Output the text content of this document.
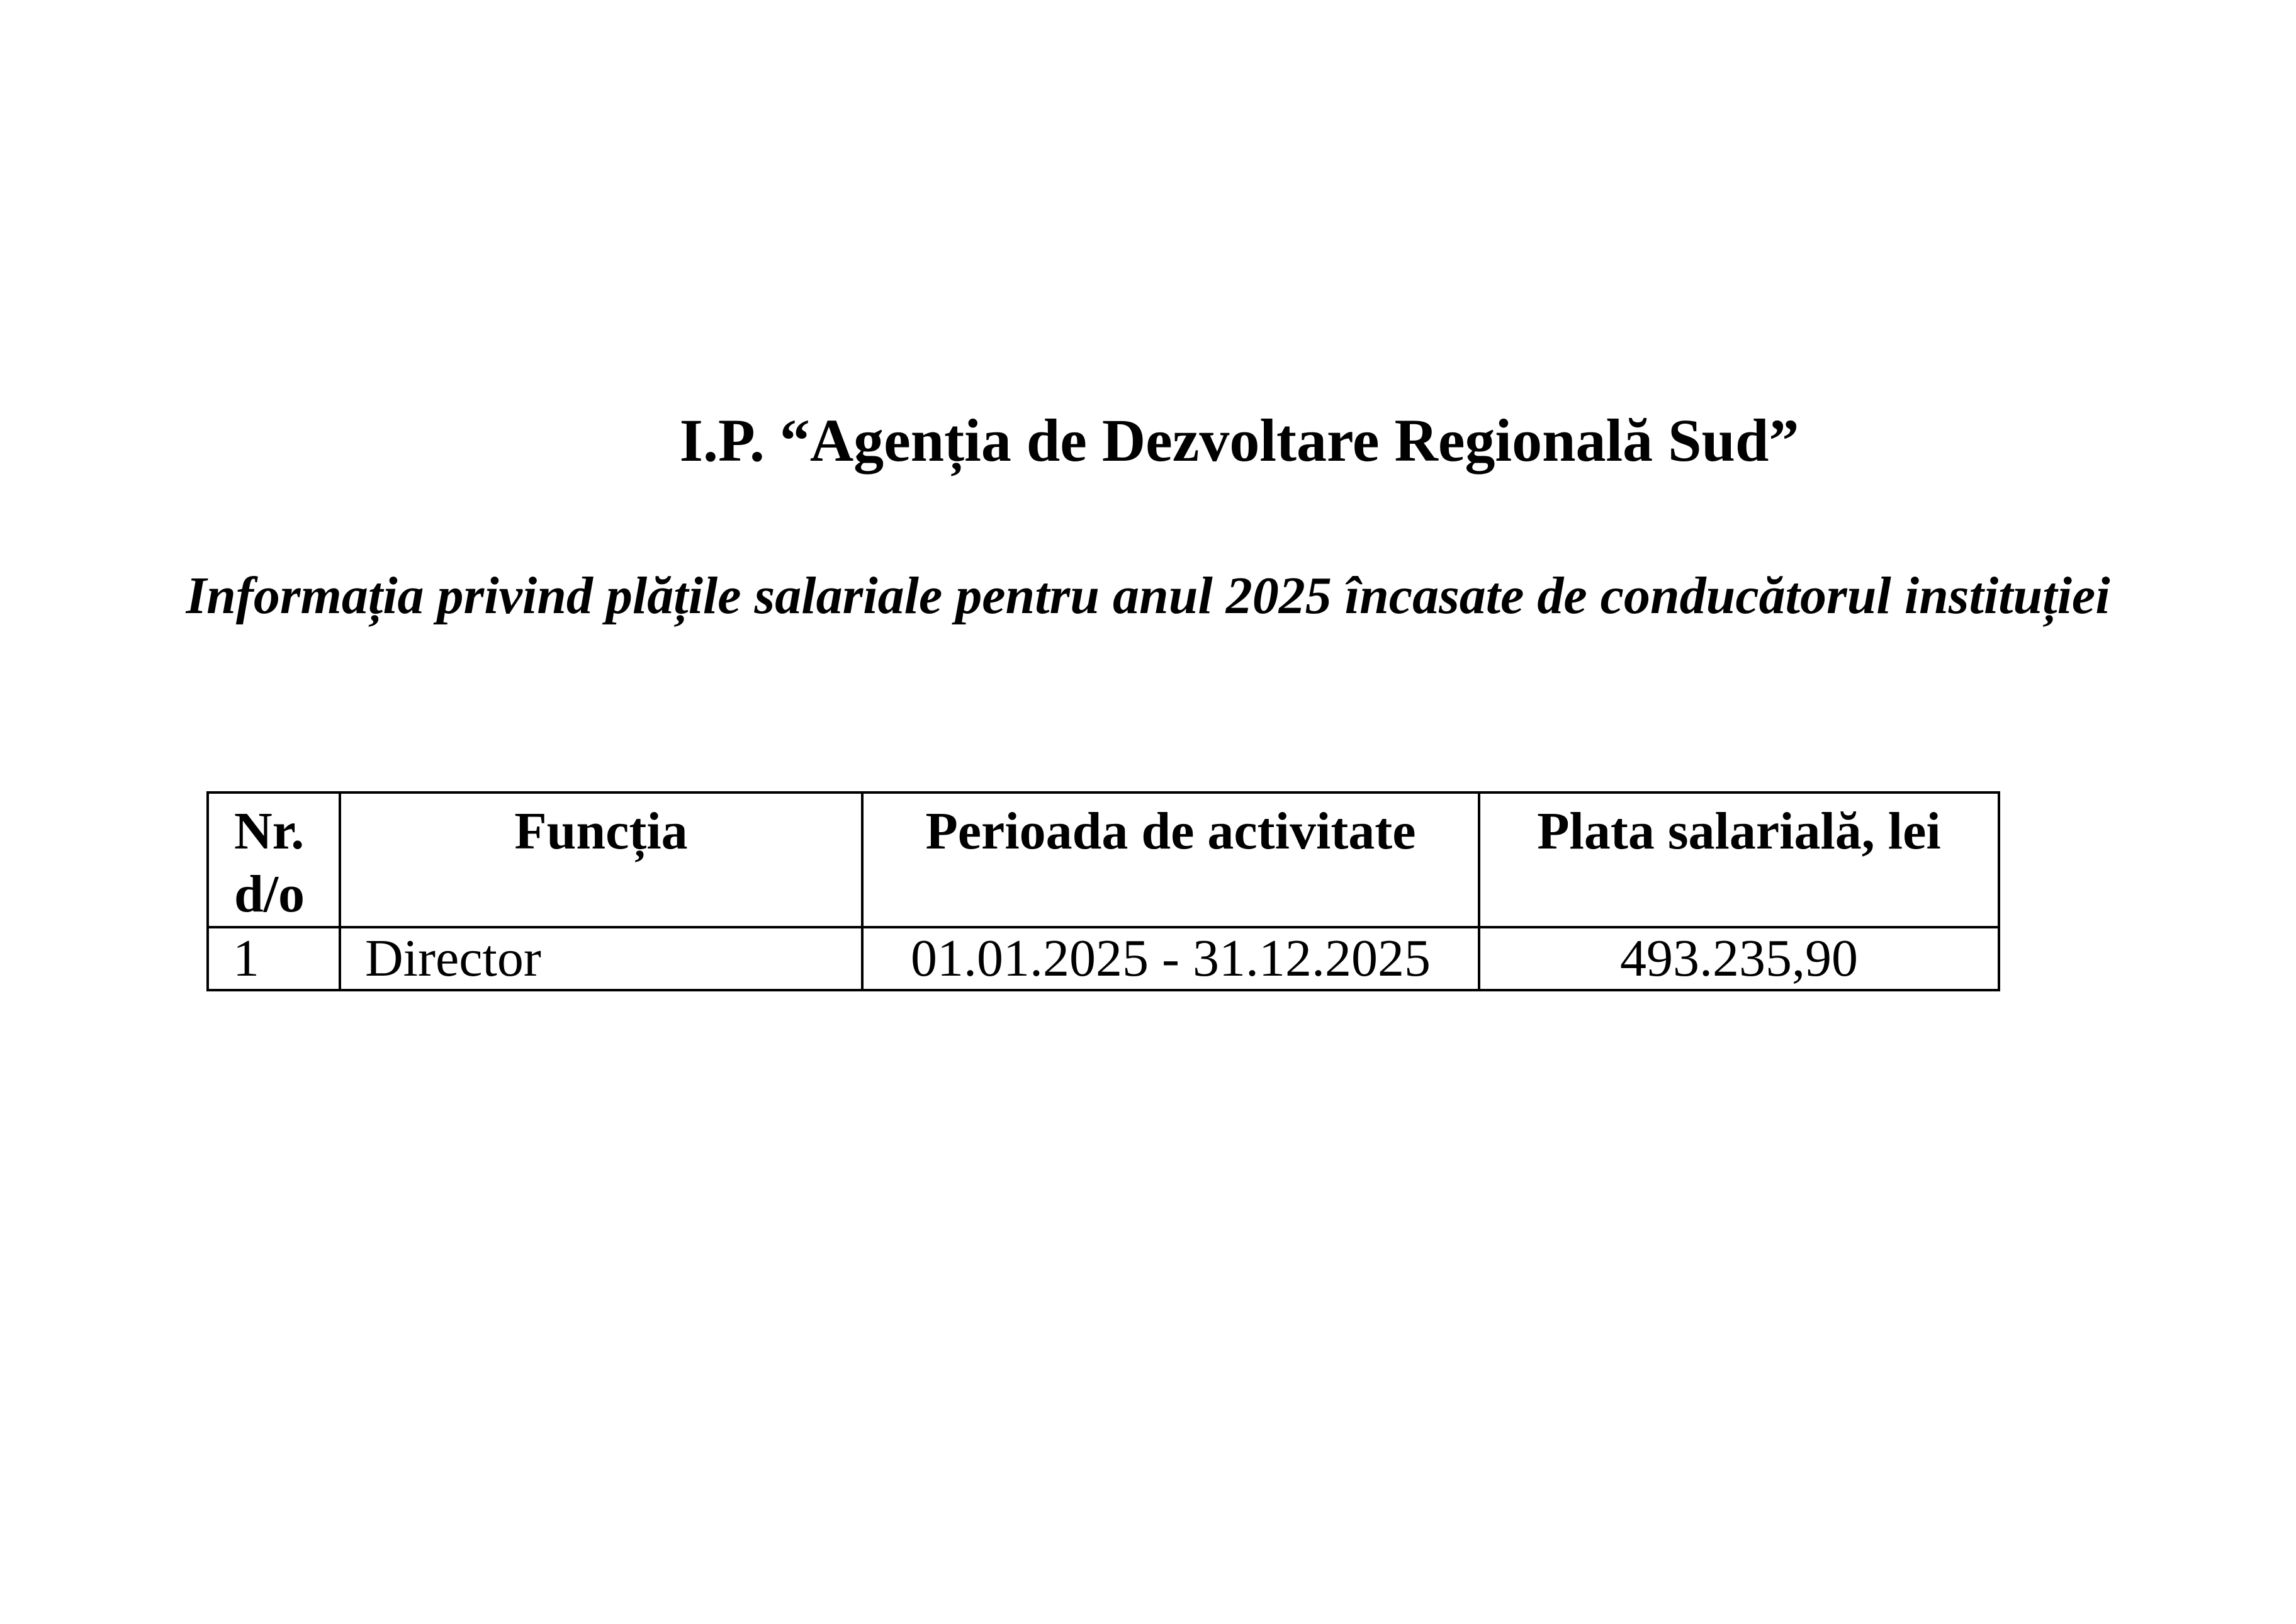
I.P. “Agenția de Dezvoltare Regională Sud”
Informația privind plățile salariale pentru anul 2025 încasate de conducătorul instituției
Nr. d/o	Funcția	Perioada de activitate	Plata salarială, lei
1	Director	01.01.2025 - 31.12.2025	493.235,90
